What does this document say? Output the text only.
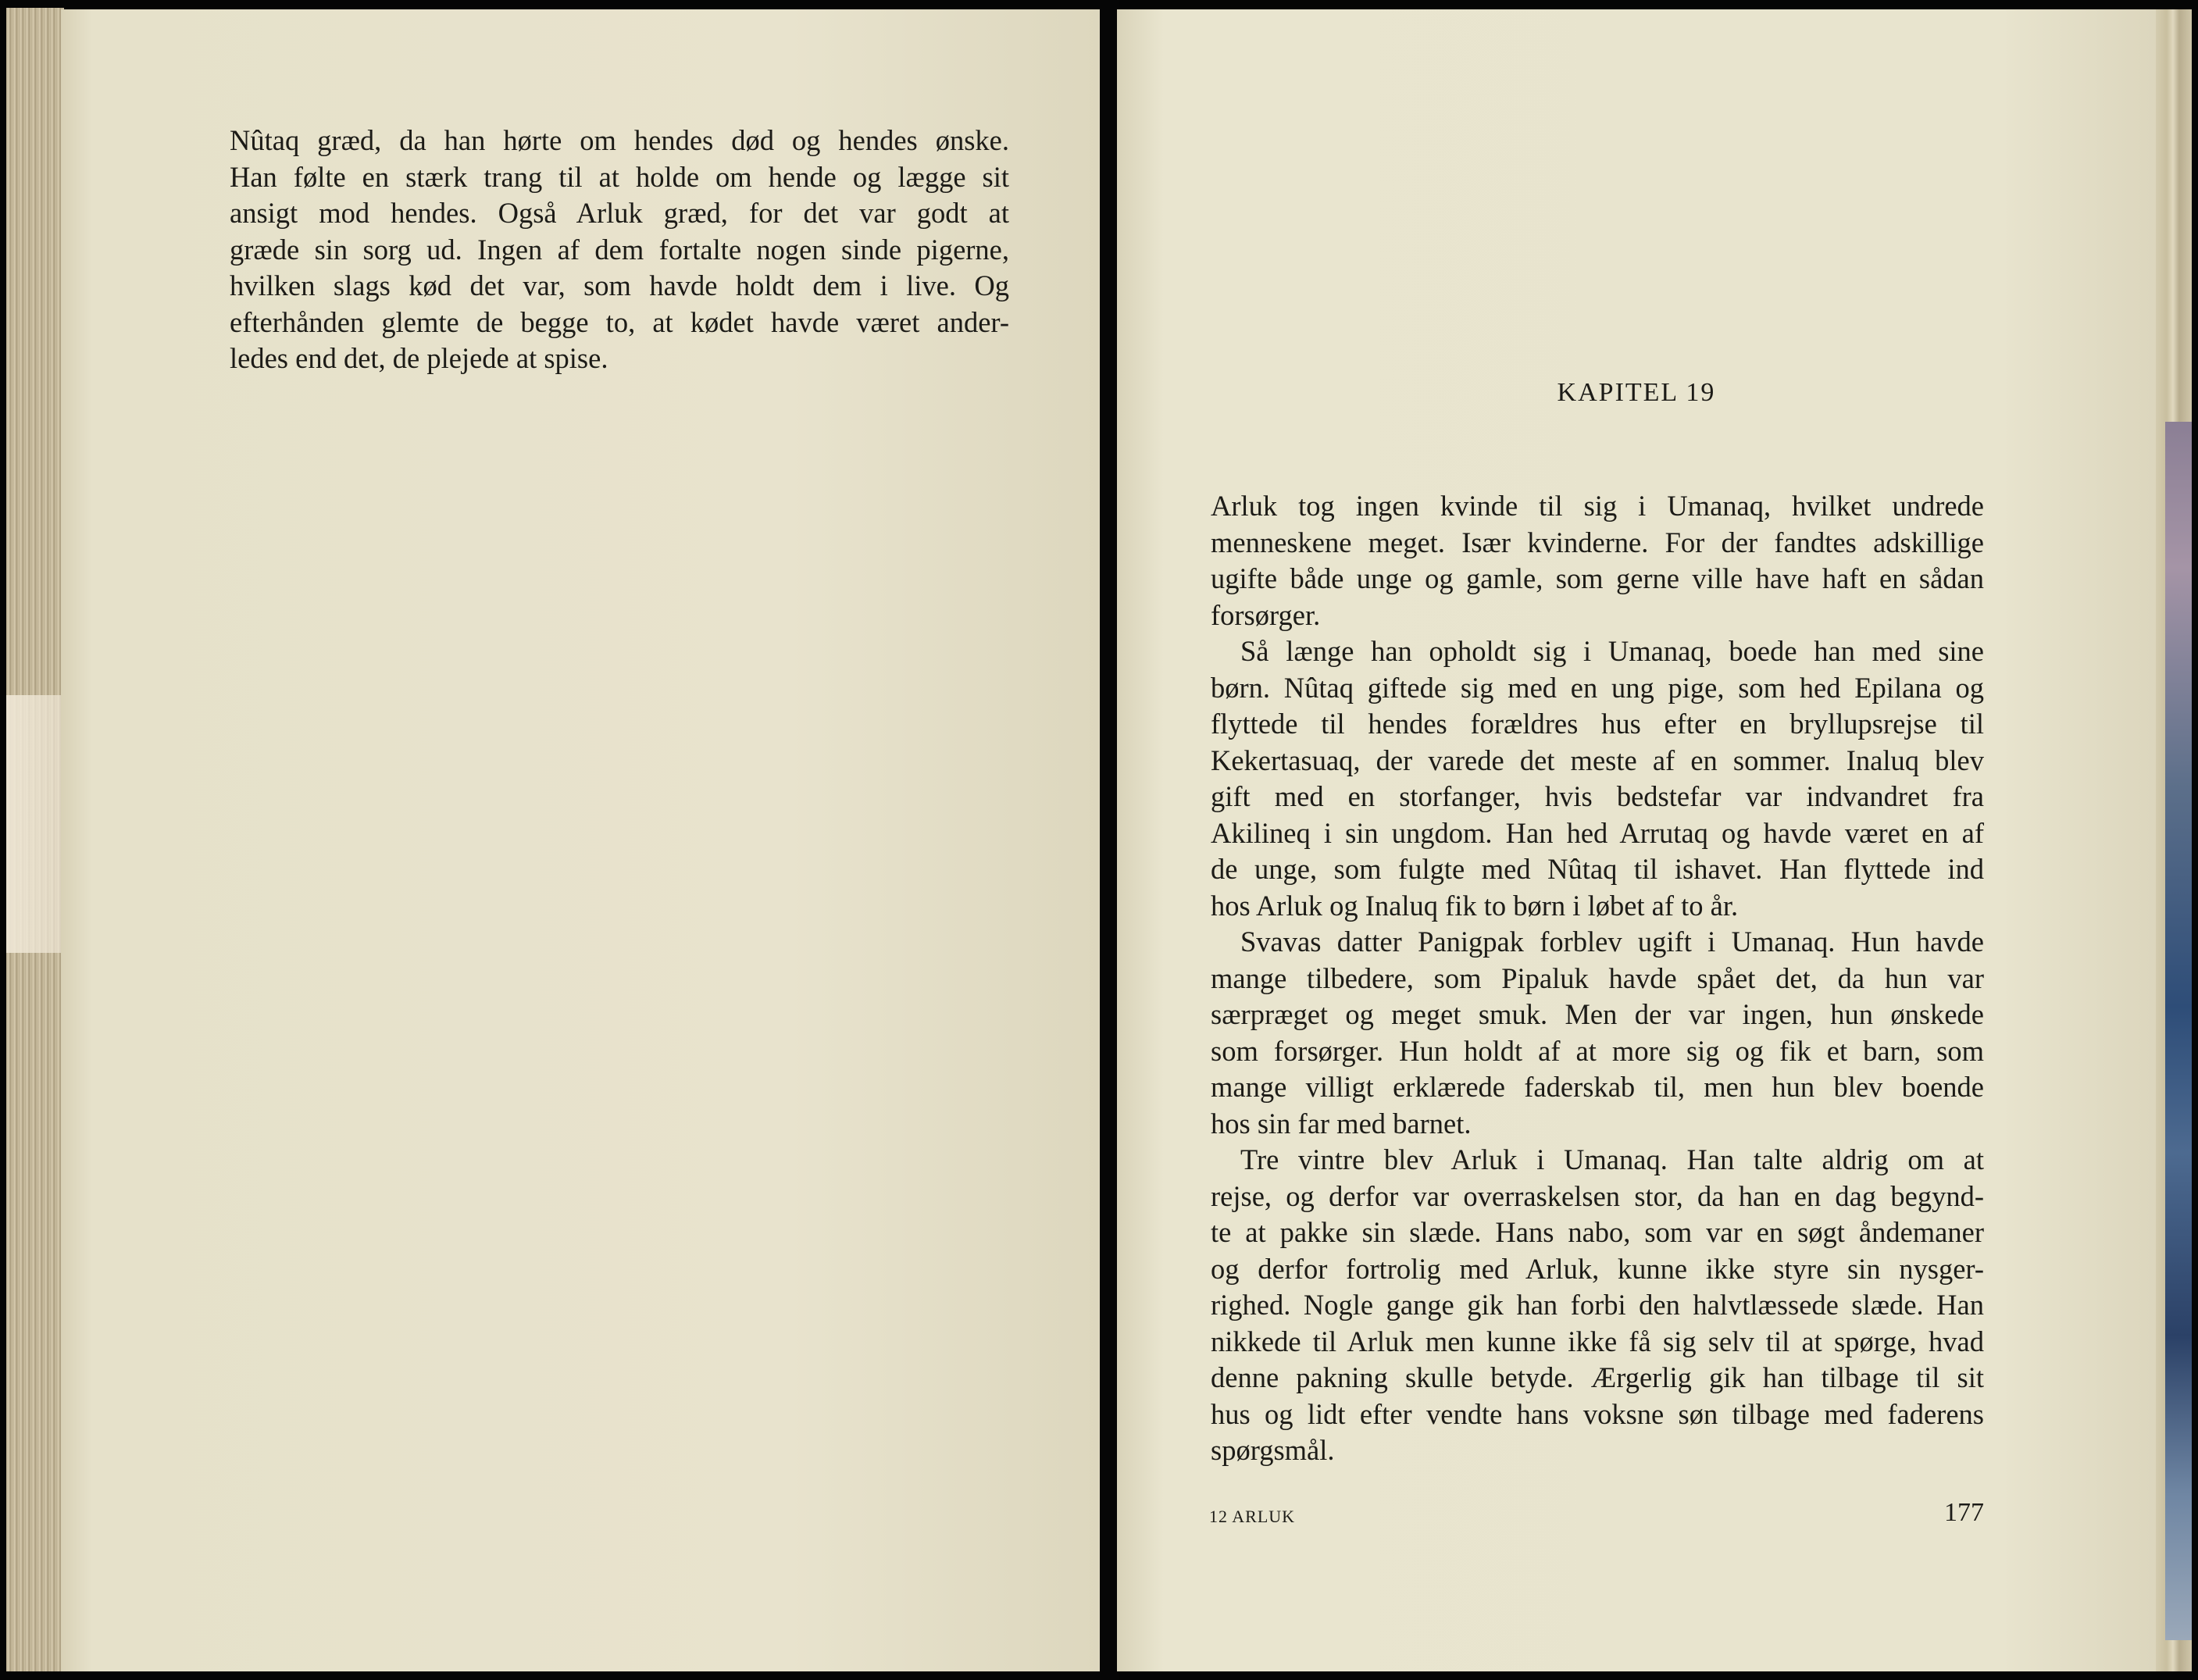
Nûtaq græd, da han hørte om hendes død og hendes ønske.
Han følte en stærk trang til at holde om hende og lægge sit
ansigt mod hendes. Også Arluk græd, for det var godt at
græde sin sorg ud. Ingen af dem fortalte nogen sinde pigerne,
hvilken slags kød det var, som havde holdt dem i live. Og
efterhånden glemte de begge to, at kødet havde været ander-
ledes end det, de plejede at spise.
KAPITEL 19
Arluk tog ingen kvinde til sig i Umanaq, hvilket undrede
menneskene meget. Især kvinderne. For der fandtes adskillige
ugifte både unge og gamle, som gerne ville have haft en sådan
forsørger.
Så længe han opholdt sig i Umanaq, boede han med sine
børn. Nûtaq giftede sig med en ung pige, som hed Epilana og
flyttede til hendes forældres hus efter en bryllupsrejse til
Kekertasuaq, der varede det meste af en sommer. Inaluq blev
gift med en storfanger, hvis bedstefar var indvandret fra
Akilineq i sin ungdom. Han hed Arrutaq og havde været en af
de unge, som fulgte med Nûtaq til ishavet. Han flyttede ind
hos Arluk og Inaluq fik to børn i løbet af to år.
Svavas datter Panigpak forblev ugift i Umanaq. Hun havde
mange tilbedere, som Pipaluk havde spået det, da hun var
særpræget og meget smuk. Men der var ingen, hun ønskede
som forsørger. Hun holdt af at more sig og fik et barn, som
mange villigt erklærede faderskab til, men hun blev boende
hos sin far med barnet.
Tre vintre blev Arluk i Umanaq. Han talte aldrig om at
rejse, og derfor var overraskelsen stor, da han en dag begynd-
te at pakke sin slæde. Hans nabo, som var en søgt åndemaner
og derfor fortrolig med Arluk, kunne ikke styre sin nysger-
righed. Nogle gange gik han forbi den halvtlæssede slæde. Han
nikkede til Arluk men kunne ikke få sig selv til at spørge, hvad
denne pakning skulle betyde. Ærgerlig gik han tilbage til sit
hus og lidt efter vendte hans voksne søn tilbage med faderens
spørgsmål.
12 ARLUK	177
